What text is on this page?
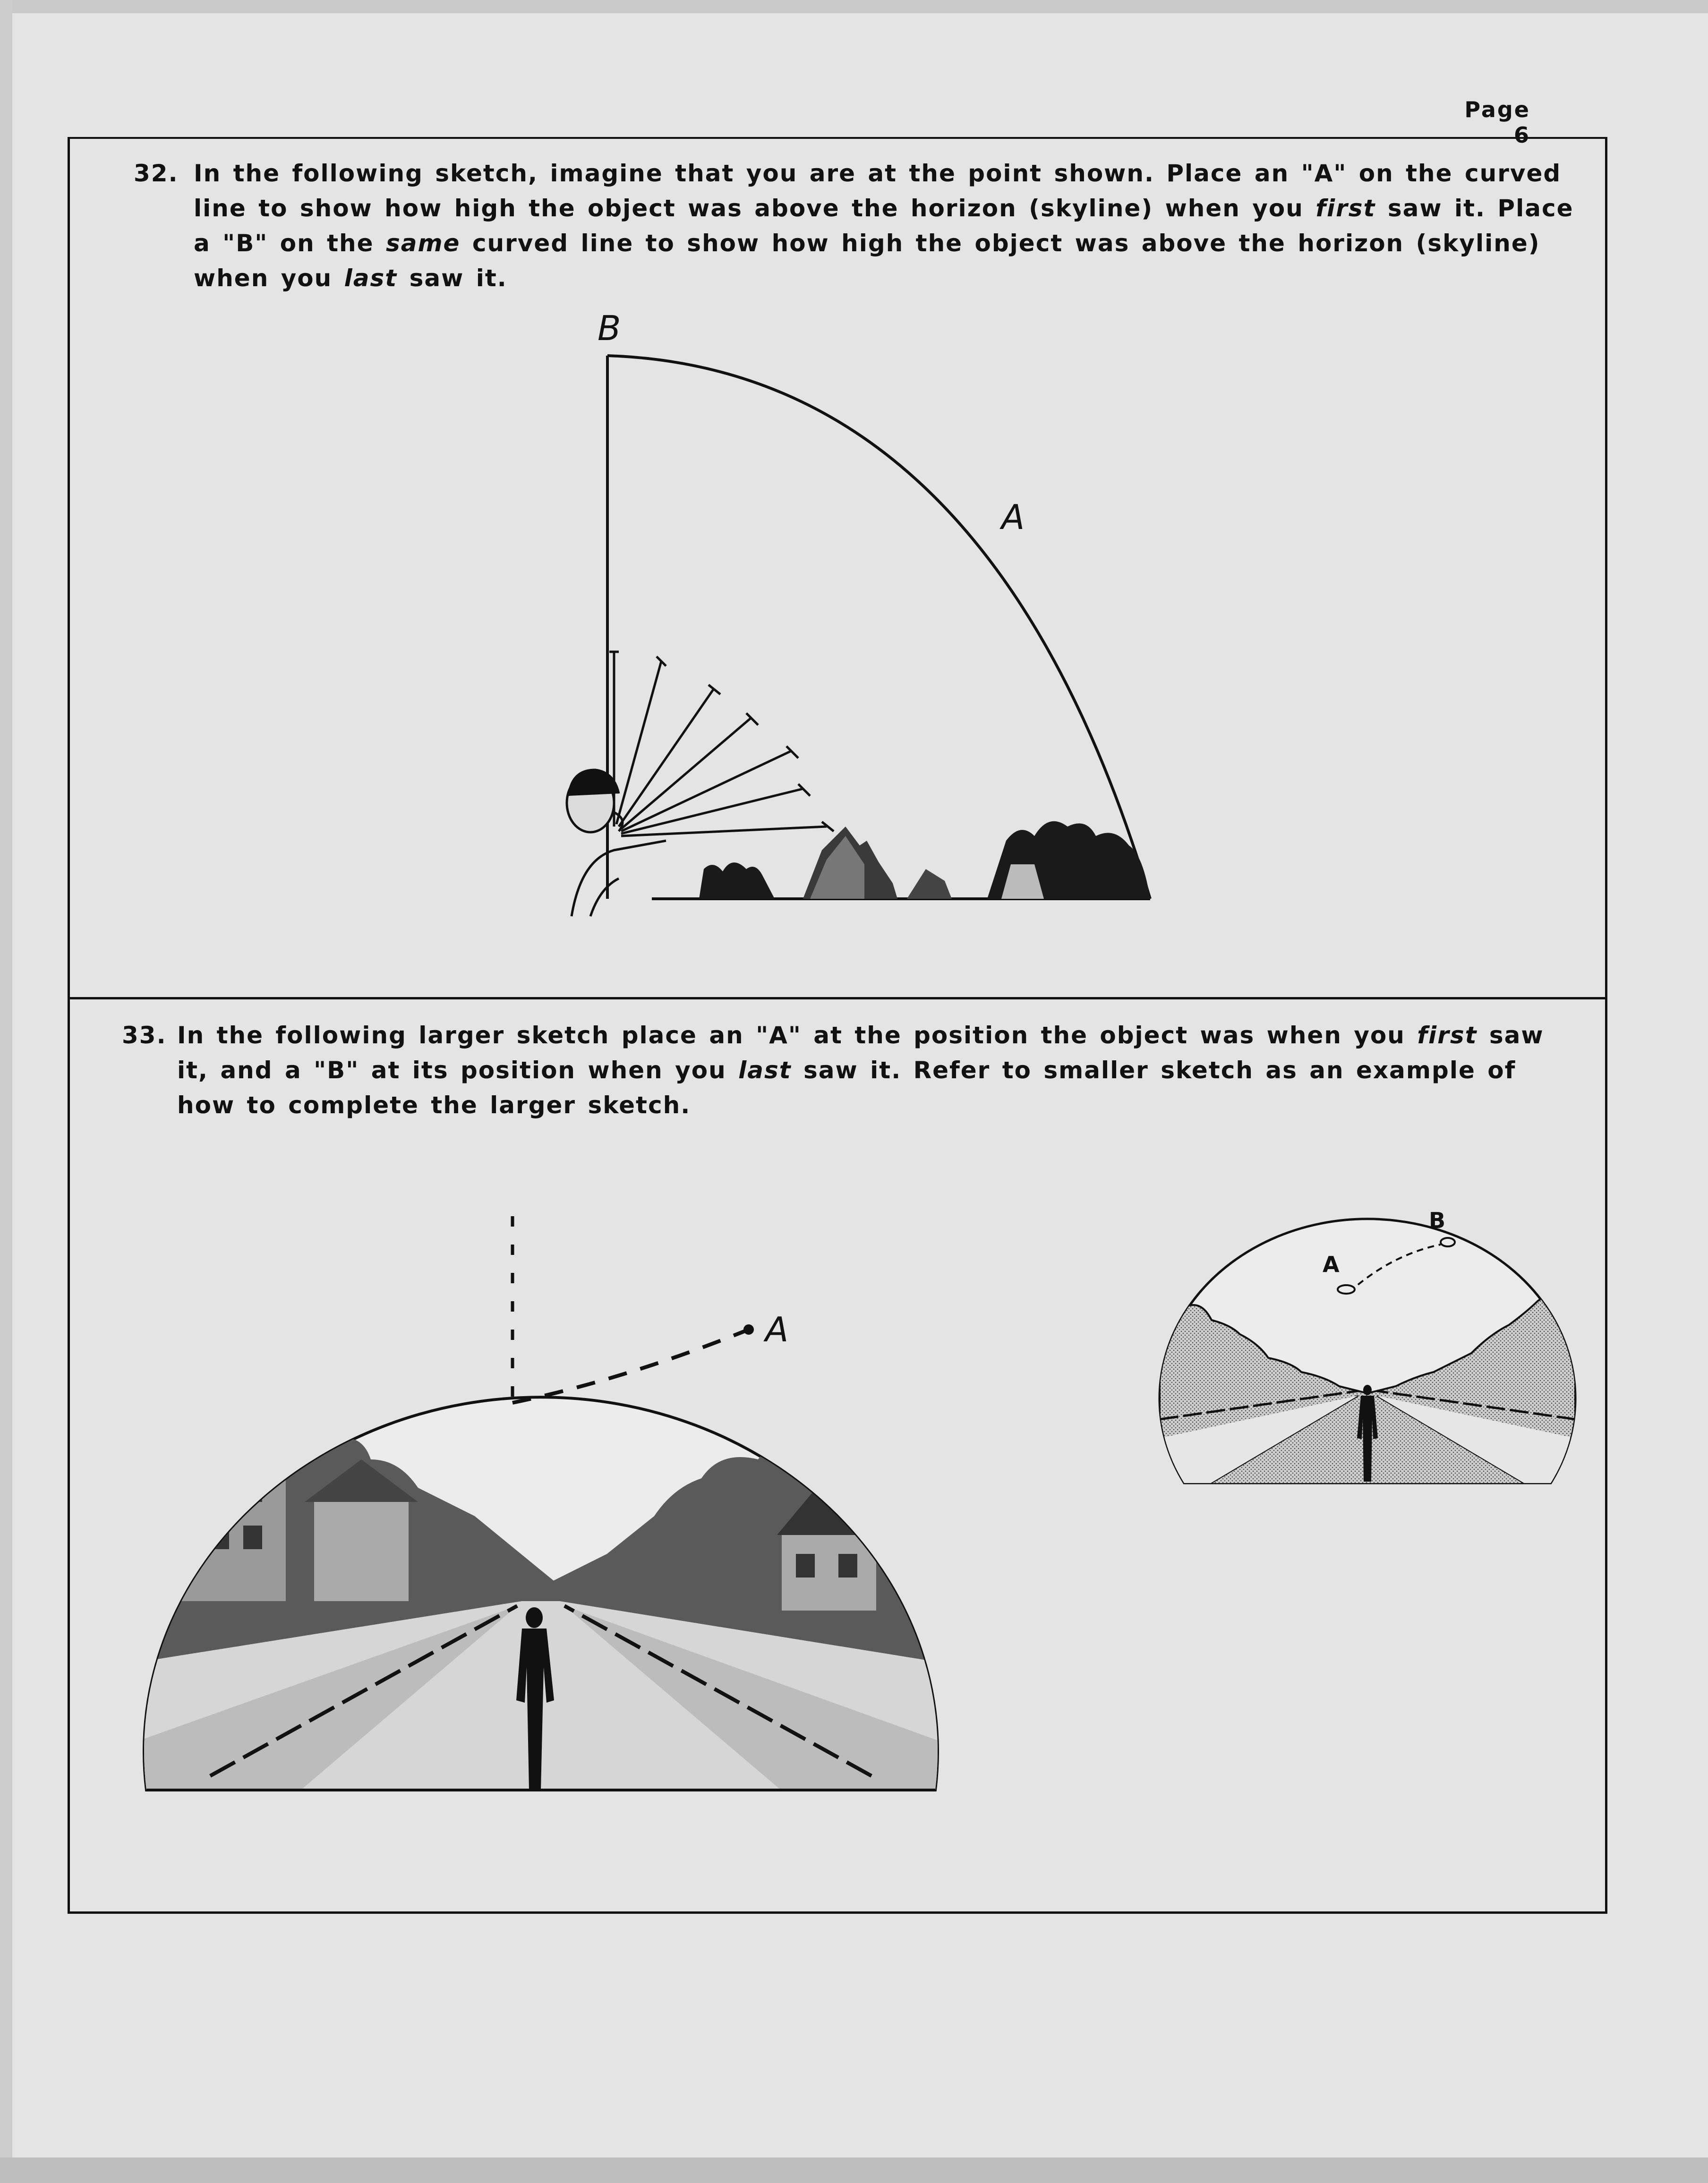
Page 6
32. In the following sketch, imagine that you are at the point shown. Place an "A" on the curved line to show how high the object was above the horizon (skyline) when you first saw it. Place a "B" on the same curved line to show how high the object was above the horizon (skyline) when you last saw it.
B
A
33. In the following larger sketch place an "A" at the position the object was when you first saw it, and a "B" at its position when you last saw it. Refer to smaller sketch as an example of how to complete the larger sketch.
A
A
B
